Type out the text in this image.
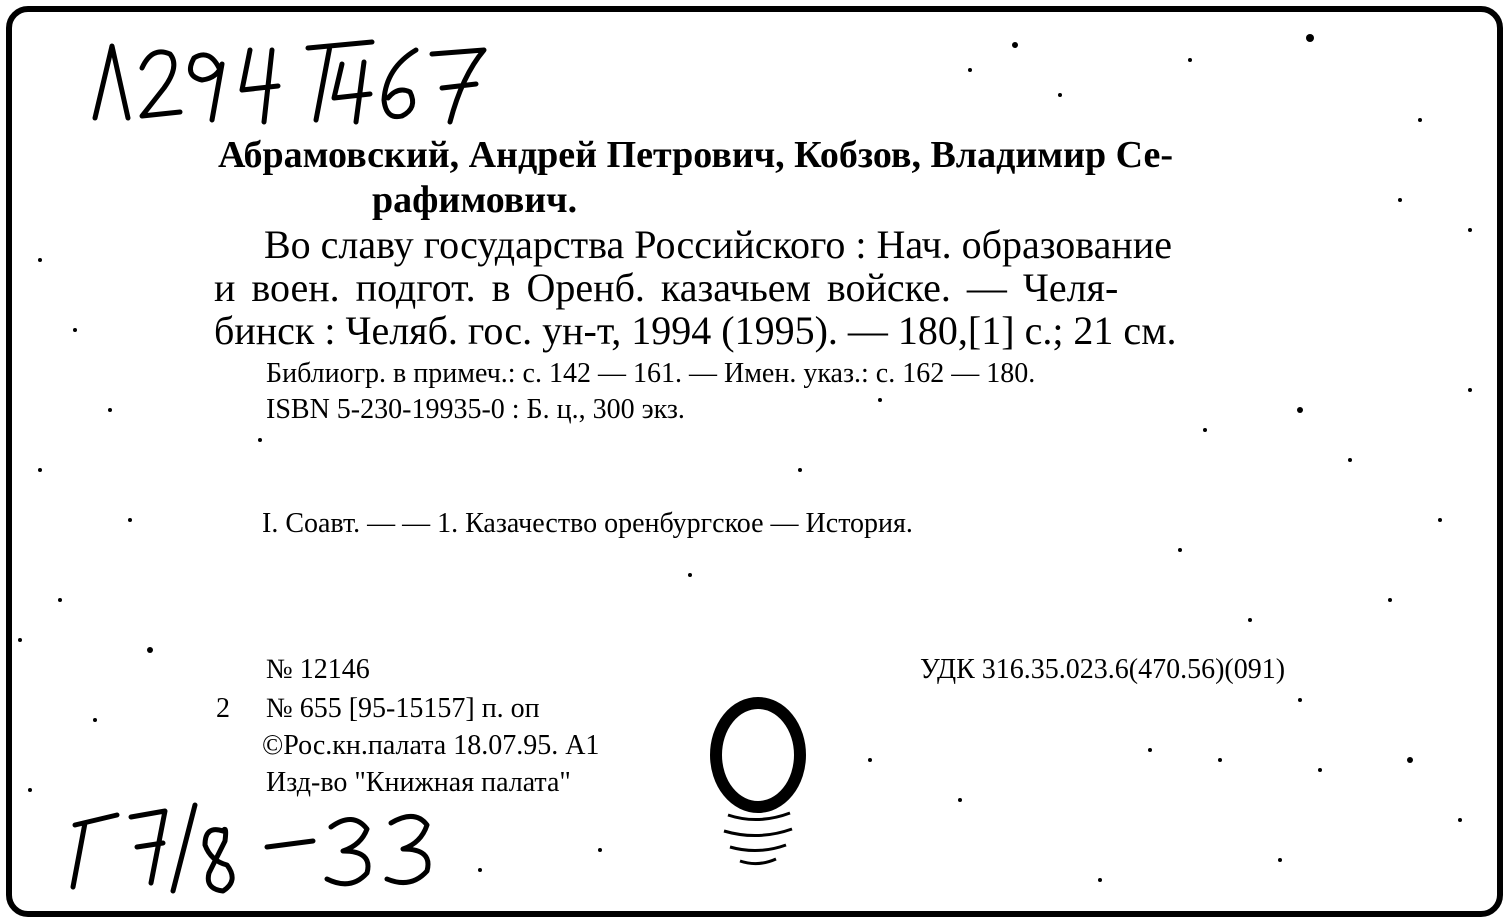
Абрамовский, Андрей Петрович, Кобзов, Владимир Се-
рафимович.
Во славу государства Российского : Нач. образование
и воен. подгот. в Оренб. казачьем войске. — Челя-
бинск : Челяб. гос. ун-т, 1994 (1995). — 180,[1] с.; 21 см.
Библиогр. в примеч.: с. 142 — 161. — Имен. указ.: с. 162 — 180.
ISBN 5-230-19935-0 : Б. ц., 300 экз.
I. Соавт. — — 1. Казачество оренбургское — История.
№ 12146	УДК 316.35.023.6(470.56)(091)
2 № 655 [95-15157] п. оп
©Рос.кн.палата 18.07.95. А1
Изд-во "Книжная палата"
